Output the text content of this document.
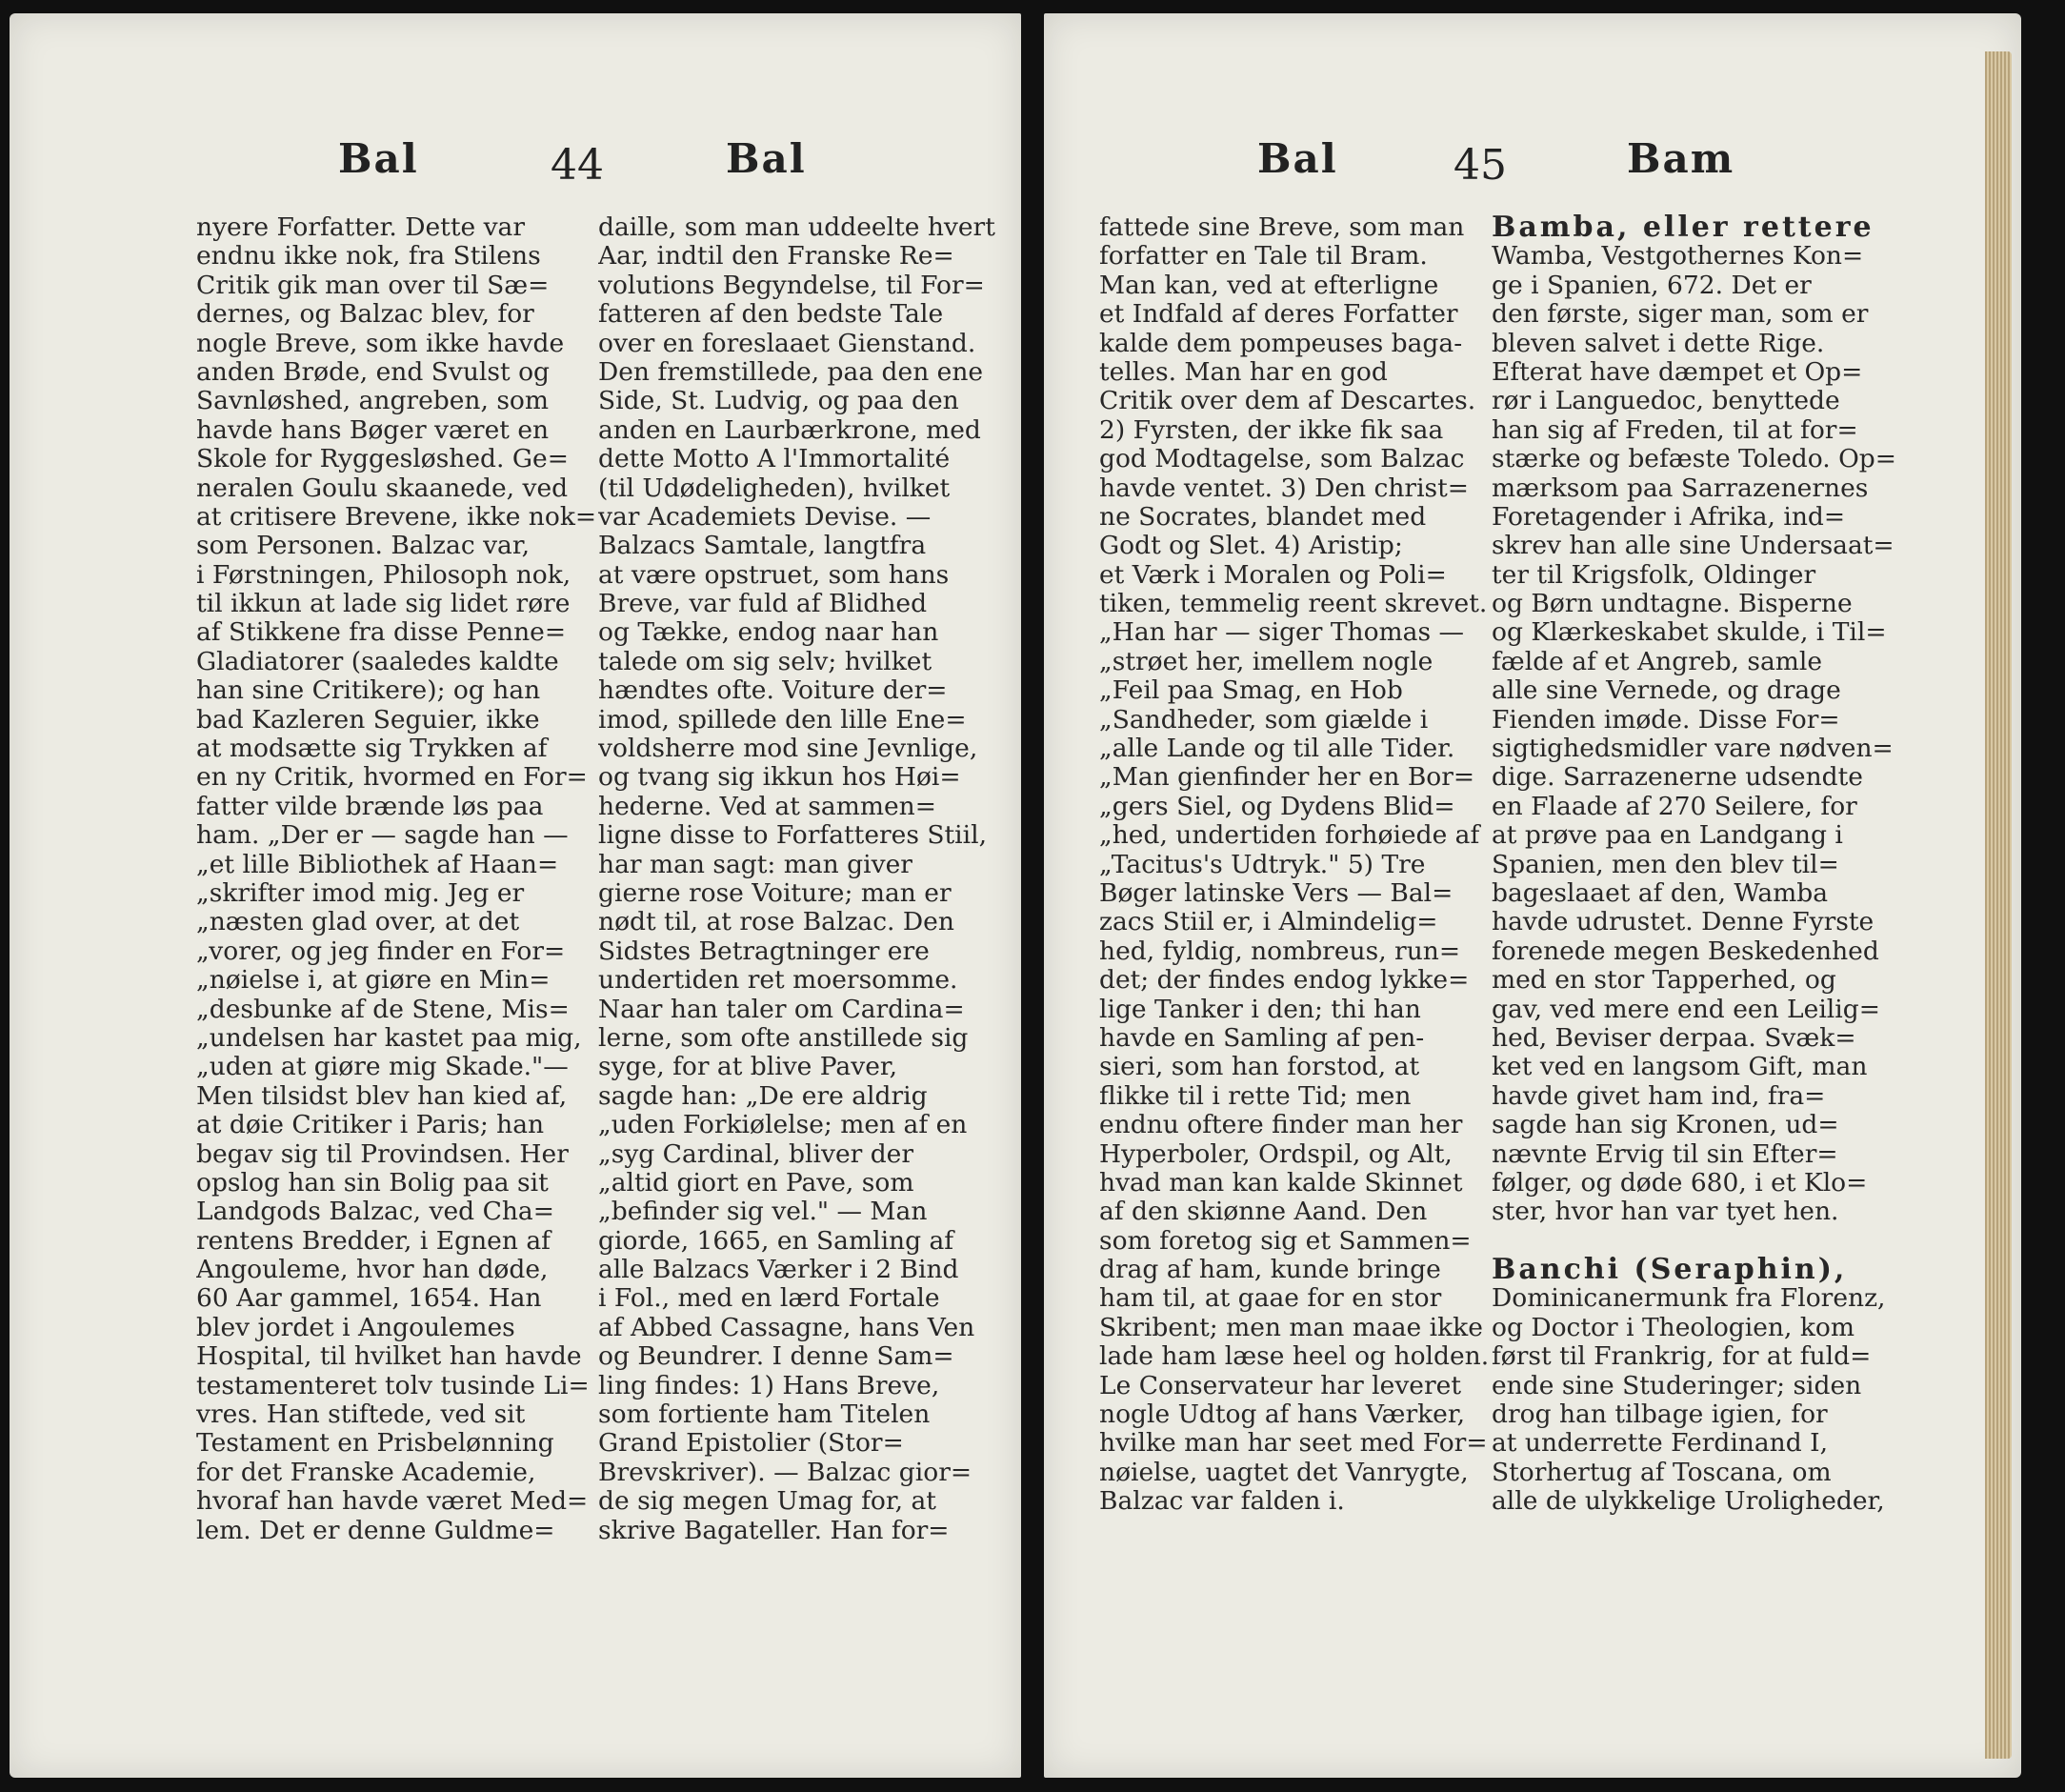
Bal	44	Bal
nyere Forfatter. Dette var
endnu ikke nok, fra Stilens
Critik gik man over til Sæ=
dernes, og Balzac blev, for
nogle Breve, som ikke havde
anden Brøde, end Svulst og
Savnløshed, angreben, som
havde hans Bøger været en
Skole for Ryggesløshed. Ge=
neralen Goulu skaanede, ved
at critisere Brevene, ikke nok=
som Personen. Balzac var,
i Førstningen, Philosoph nok,
til ikkun at lade sig lidet røre
af Stikkene fra disse Penne=
Gladiatorer (saaledes kaldte
han sine Critikere); og han
bad Kazleren Seguier, ikke
at modsætte sig Trykken af
en ny Critik, hvormed en For=
fatter vilde brænde løs paa
ham. „Der er — sagde han —
„et lille Bibliothek af Haan=
„skrifter imod mig. Jeg er
„næsten glad over, at det
„vorer, og jeg finder en For=
„nøielse i, at giøre en Min=
„desbunke af de Stene, Mis=
„undelsen har kastet paa mig,
„uden at giøre mig Skade."—
Men tilsidst blev han kied af,
at døie Critiker i Paris; han
begav sig til Provindsen. Her
opslog han sin Bolig paa sit
Landgods Balzac, ved Cha=
rentens Bredder, i Egnen af
Angouleme, hvor han døde,
60 Aar gammel, 1654. Han
blev jordet i Angoulemes
Hospital, til hvilket han havde
testamenteret tolv tusinde Li=
vres. Han stiftede, ved sit
Testament en Prisbelønning
for det Franske Academie,
hvoraf han havde været Med=
lem. Det er denne Guldme=
daille, som man uddeelte hvert
Aar, indtil den Franske Re=
volutions Begyndelse, til For=
fatteren af den bedste Tale
over en foreslaaet Gienstand.
Den fremstillede, paa den ene
Side, St. Ludvig, og paa den
anden en Laurbærkrone, med
dette Motto A l'Immortalité
(til Udødeligheden), hvilket
var Academiets Devise. —
Balzacs Samtale, langtfra
at være opstruet, som hans
Breve, var fuld af Blidhed
og Tække, endog naar han
talede om sig selv; hvilket
hændtes ofte. Voiture der=
imod, spillede den lille Ene=
voldsherre mod sine Jevnlige,
og tvang sig ikkun hos Høi=
hederne. Ved at sammen=
ligne disse to Forfatteres Stiil,
har man sagt: man giver
gierne rose Voiture; man er
nødt til, at rose Balzac. Den
Sidstes Betragtninger ere
undertiden ret moersomme.
Naar han taler om Cardina=
lerne, som ofte anstillede sig
syge, for at blive Paver,
sagde han: „De ere aldrig
„uden Forkiølelse; men af en
„syg Cardinal, bliver der
„altid giort en Pave, som
„befinder sig vel." — Man
giorde, 1665, en Samling af
alle Balzacs Værker i 2 Bind
i Fol., med en lærd Fortale
af Abbed Cassagne, hans Ven
og Beundrer. I denne Sam=
ling findes: 1) Hans Breve,
som fortiente ham Titelen
Grand Epistolier (Stor=
Brevskriver). — Balzac gior=
de sig megen Umag for, at
skrive Bagateller. Han for=
Bal	45	Bam
fattede sine Breve, som man
forfatter en Tale til Bram.
Man kan, ved at efterligne
et Indfald af deres Forfatter
kalde dem pompeuses baga-
telles. Man har en god
Critik over dem af Descartes.
2) Fyrsten, der ikke fik saa
god Modtagelse, som Balzac
havde ventet. 3) Den christ=
ne Socrates, blandet med
Godt og Slet. 4) Aristip;
et Værk i Moralen og Poli=
tiken, temmelig reent skrevet.
„Han har — siger Thomas —
„strøet her, imellem nogle
„Feil paa Smag, en Hob
„Sandheder, som giælde i
„alle Lande og til alle Tider.
„Man gienfinder her en Bor=
„gers Siel, og Dydens Blid=
„hed, undertiden forhøiede af
„Tacitus's Udtryk." 5) Tre
Bøger latinske Vers — Bal=
zacs Stiil er, i Almindelig=
hed, fyldig, nombreus, run=
det; der findes endog lykke=
lige Tanker i den; thi han
havde en Samling af pen-
sieri, som han forstod, at
flikke til i rette Tid; men
endnu oftere finder man her
Hyperboler, Ordspil, og Alt,
hvad man kan kalde Skinnet
af den skiønne Aand. Den
som foretog sig et Sammen=
drag af ham, kunde bringe
ham til, at gaae for en stor
Skribent; men man maae ikke
lade ham læse heel og holden.
Le Conservateur har leveret
nogle Udtog af hans Værker,
hvilke man har seet med For=
nøielse, uagtet det Vanrygte,
Balzac var falden i.
Bamba, eller rettere
Wamba, Vestgothernes Kon=
ge i Spanien, 672. Det er
den første, siger man, som er
bleven salvet i dette Rige.
Efterat have dæmpet et Op=
rør i Languedoc, benyttede
han sig af Freden, til at for=
stærke og befæste Toledo. Op=
mærksom paa Sarrazenernes
Foretagender i Afrika, ind=
skrev han alle sine Undersaat=
ter til Krigsfolk, Oldinger
og Børn undtagne. Bisperne
og Klærkeskabet skulde, i Til=
fælde af et Angreb, samle
alle sine Vernede, og drage
Fienden imøde. Disse For=
sigtighedsmidler vare nødven=
dige. Sarrazenerne udsendte
en Flaade af 270 Seilere, for
at prøve paa en Landgang i
Spanien, men den blev til=
bageslaaet af den, Wamba
havde udrustet. Denne Fyrste
forenede megen Beskedenhed
med en stor Tapperhed, og
gav, ved mere end een Leilig=
hed, Beviser derpaa. Svæk=
ket ved en langsom Gift, man
havde givet ham ind, fra=
sagde han sig Kronen, ud=
nævnte Ervig til sin Efter=
følger, og døde 680, i et Klo=
ster, hvor han var tyet hen.
Banchi (Seraphin),
Dominicanermunk fra Florenz,
og Doctor i Theologien, kom
først til Frankrig, for at fuld=
ende sine Studeringer; siden
drog han tilbage igien, for
at underrette Ferdinand I,
Storhertug af Toscana, om
alle de ulykkelige Uroligheder,
